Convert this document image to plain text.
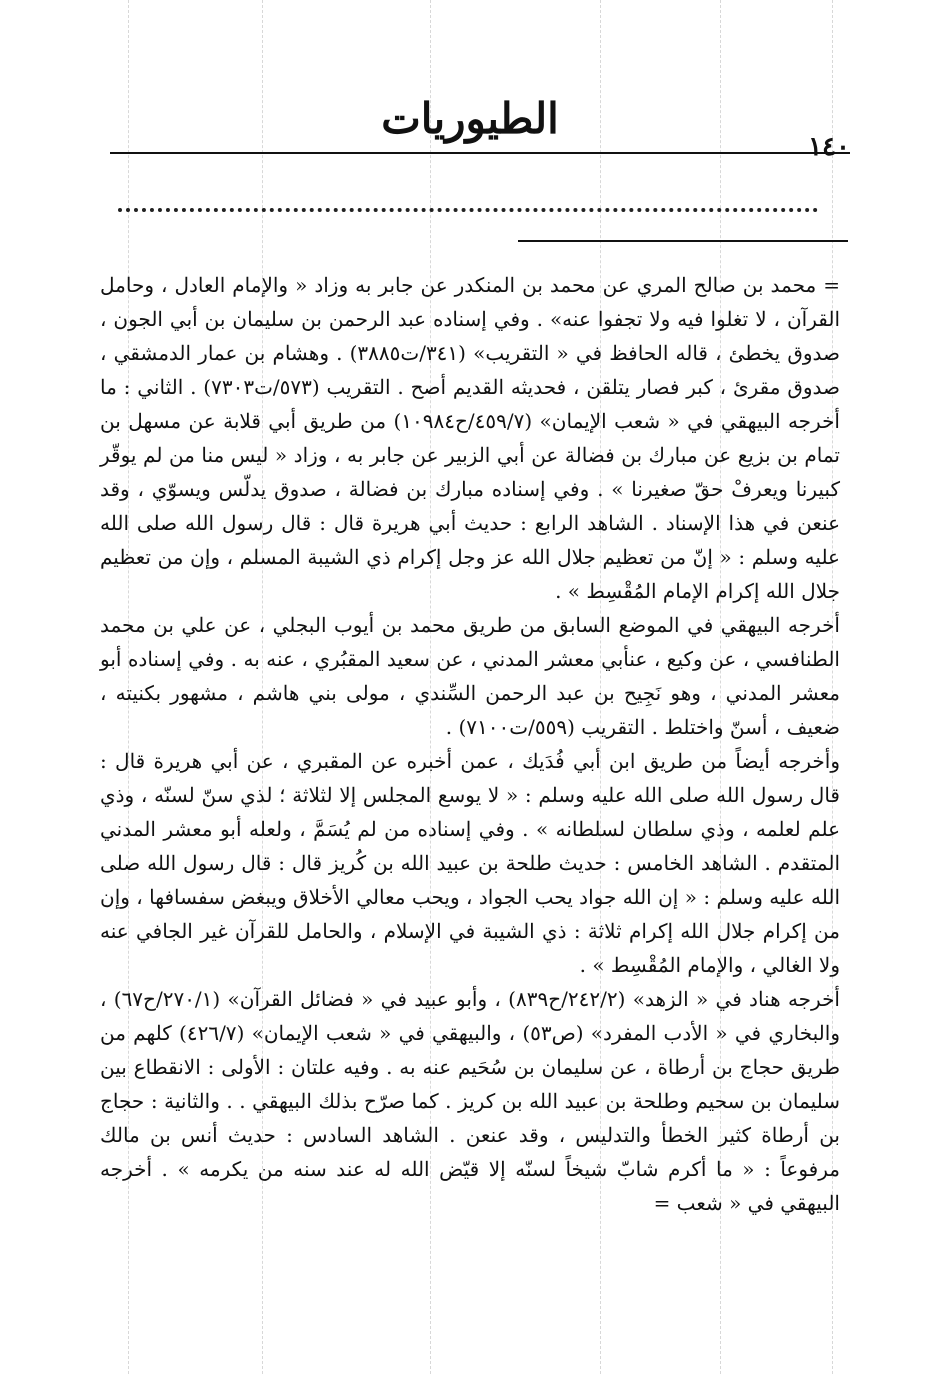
الطيوريات
١٤٠

= محمد بن صالح المري عن محمد بن المنكدر عن جابر به وزاد « والإمام العادل ، وحامل القرآن ، لا تغلوا فيه ولا تجفوا عنه» . وفي إسناده عبد الرحمن بن سليمان بن أبي الجون ، صدوق يخطئ ، قاله الحافظ في « التقريب» (٣٤١/ت٣٨٨٥) . وهشام بن عمار الدمشقي ، صدوق مقرئ ، كبر فصار يتلقن ، فحديثه القديم أصح . التقريب (٥٧٣/ت٧٣٠٣) . الثاني : ما أخرجه البيهقي في « شعب الإيمان» (٤٥٩/٧/ح١٠٩٨٤) من طريق أبي قلابة عن مسهل بن تمام بن بزيع عن مبارك بن فضالة عن أبي الزبير عن جابر به ، وزاد « ليس منا من لم يوقّر كبيرنا ويعرفْ حقّ صغيرنا » . وفي إسناده مبارك بن فضالة ، صدوق يدلّس ويسوّي ، وقد عنعن في هذا الإسناد . الشاهد الرابع : حديث أبي هريرة قال : قال رسول الله صلى الله عليه وسلم : « إنّ من تعظيم جلال الله عز وجل إكرام ذي الشيبة المسلم ، وإن من تعظيم جلال الله إكرام الإمام المُقْسِط » .

أخرجه البيهقي في الموضع السابق من طريق محمد بن أيوب البجلي ، عن علي بن محمد الطنافسي ، عن وكيع ، عنأبي معشر المدني ، عن سعيد المقبُري ، عنه به . وفي إسناده أبو معشر المدني ، وهو نَجِيح بن عبد الرحمن السِّندي ، مولى بني هاشم ، مشهور بكنيته ، ضعيف ، أسنّ واختلط . التقريب (٥٥٩/ت٧١٠٠) .

وأخرجه أيضاً من طريق ابن أبي فُدَيك ، عمن أخبره عن المقبري ، عن أبي هريرة قال : قال رسول الله صلى الله عليه وسلم : « لا يوسع المجلس إلا لثلاثة ؛ لذي سنّ لسنّه ، وذي علم لعلمه ، وذي سلطان لسلطانه » . وفي إسناده من لم يُسَمَّ ، ولعله أبو معشر المدني المتقدم . الشاهد الخامس : حديث طلحة بن عبيد الله بن كُريز قال : قال رسول الله صلى الله عليه وسلم : « إن الله جواد يحب الجواد ، ويحب معالي الأخلاق ويبغض سفسافها ، وإن من إكرام جلال الله إكرام ثلاثة : ذي الشيبة في الإسلام ، والحامل للقرآن غير الجافي عنه ولا الغالي ، والإمام المُقْسِط » .

أخرجه هناد في « الزهد» (٢٤٢/٢/ح٨٣٩) ، وأبو عبيد في « فضائل القرآن» (٢٧٠/١/ح٦٧) ، والبخاري في « الأدب المفرد» (ص٥٣) ، والبيهقي في « شعب الإيمان» (٤٢٦/٧) كلهم من طريق حجاج بن أرطاة ، عن سليمان بن سُحَيم عنه به . وفيه علتان : الأولى : الانقطاع بين سليمان بن سحيم وطلحة بن عبيد الله بن كريز . كما صرّح بذلك البيهقي . . والثانية : حجاج بن أرطاة كثير الخطأ والتدليس ، وقد عنعن . الشاهد السادس : حديث أنس بن مالك مرفوعاً : « ما أكرم شابّ شيخاً لسنّه إلا قيّض الله له عند سنه من يكرمه » . أخرجه البيهقي في « شعب =
